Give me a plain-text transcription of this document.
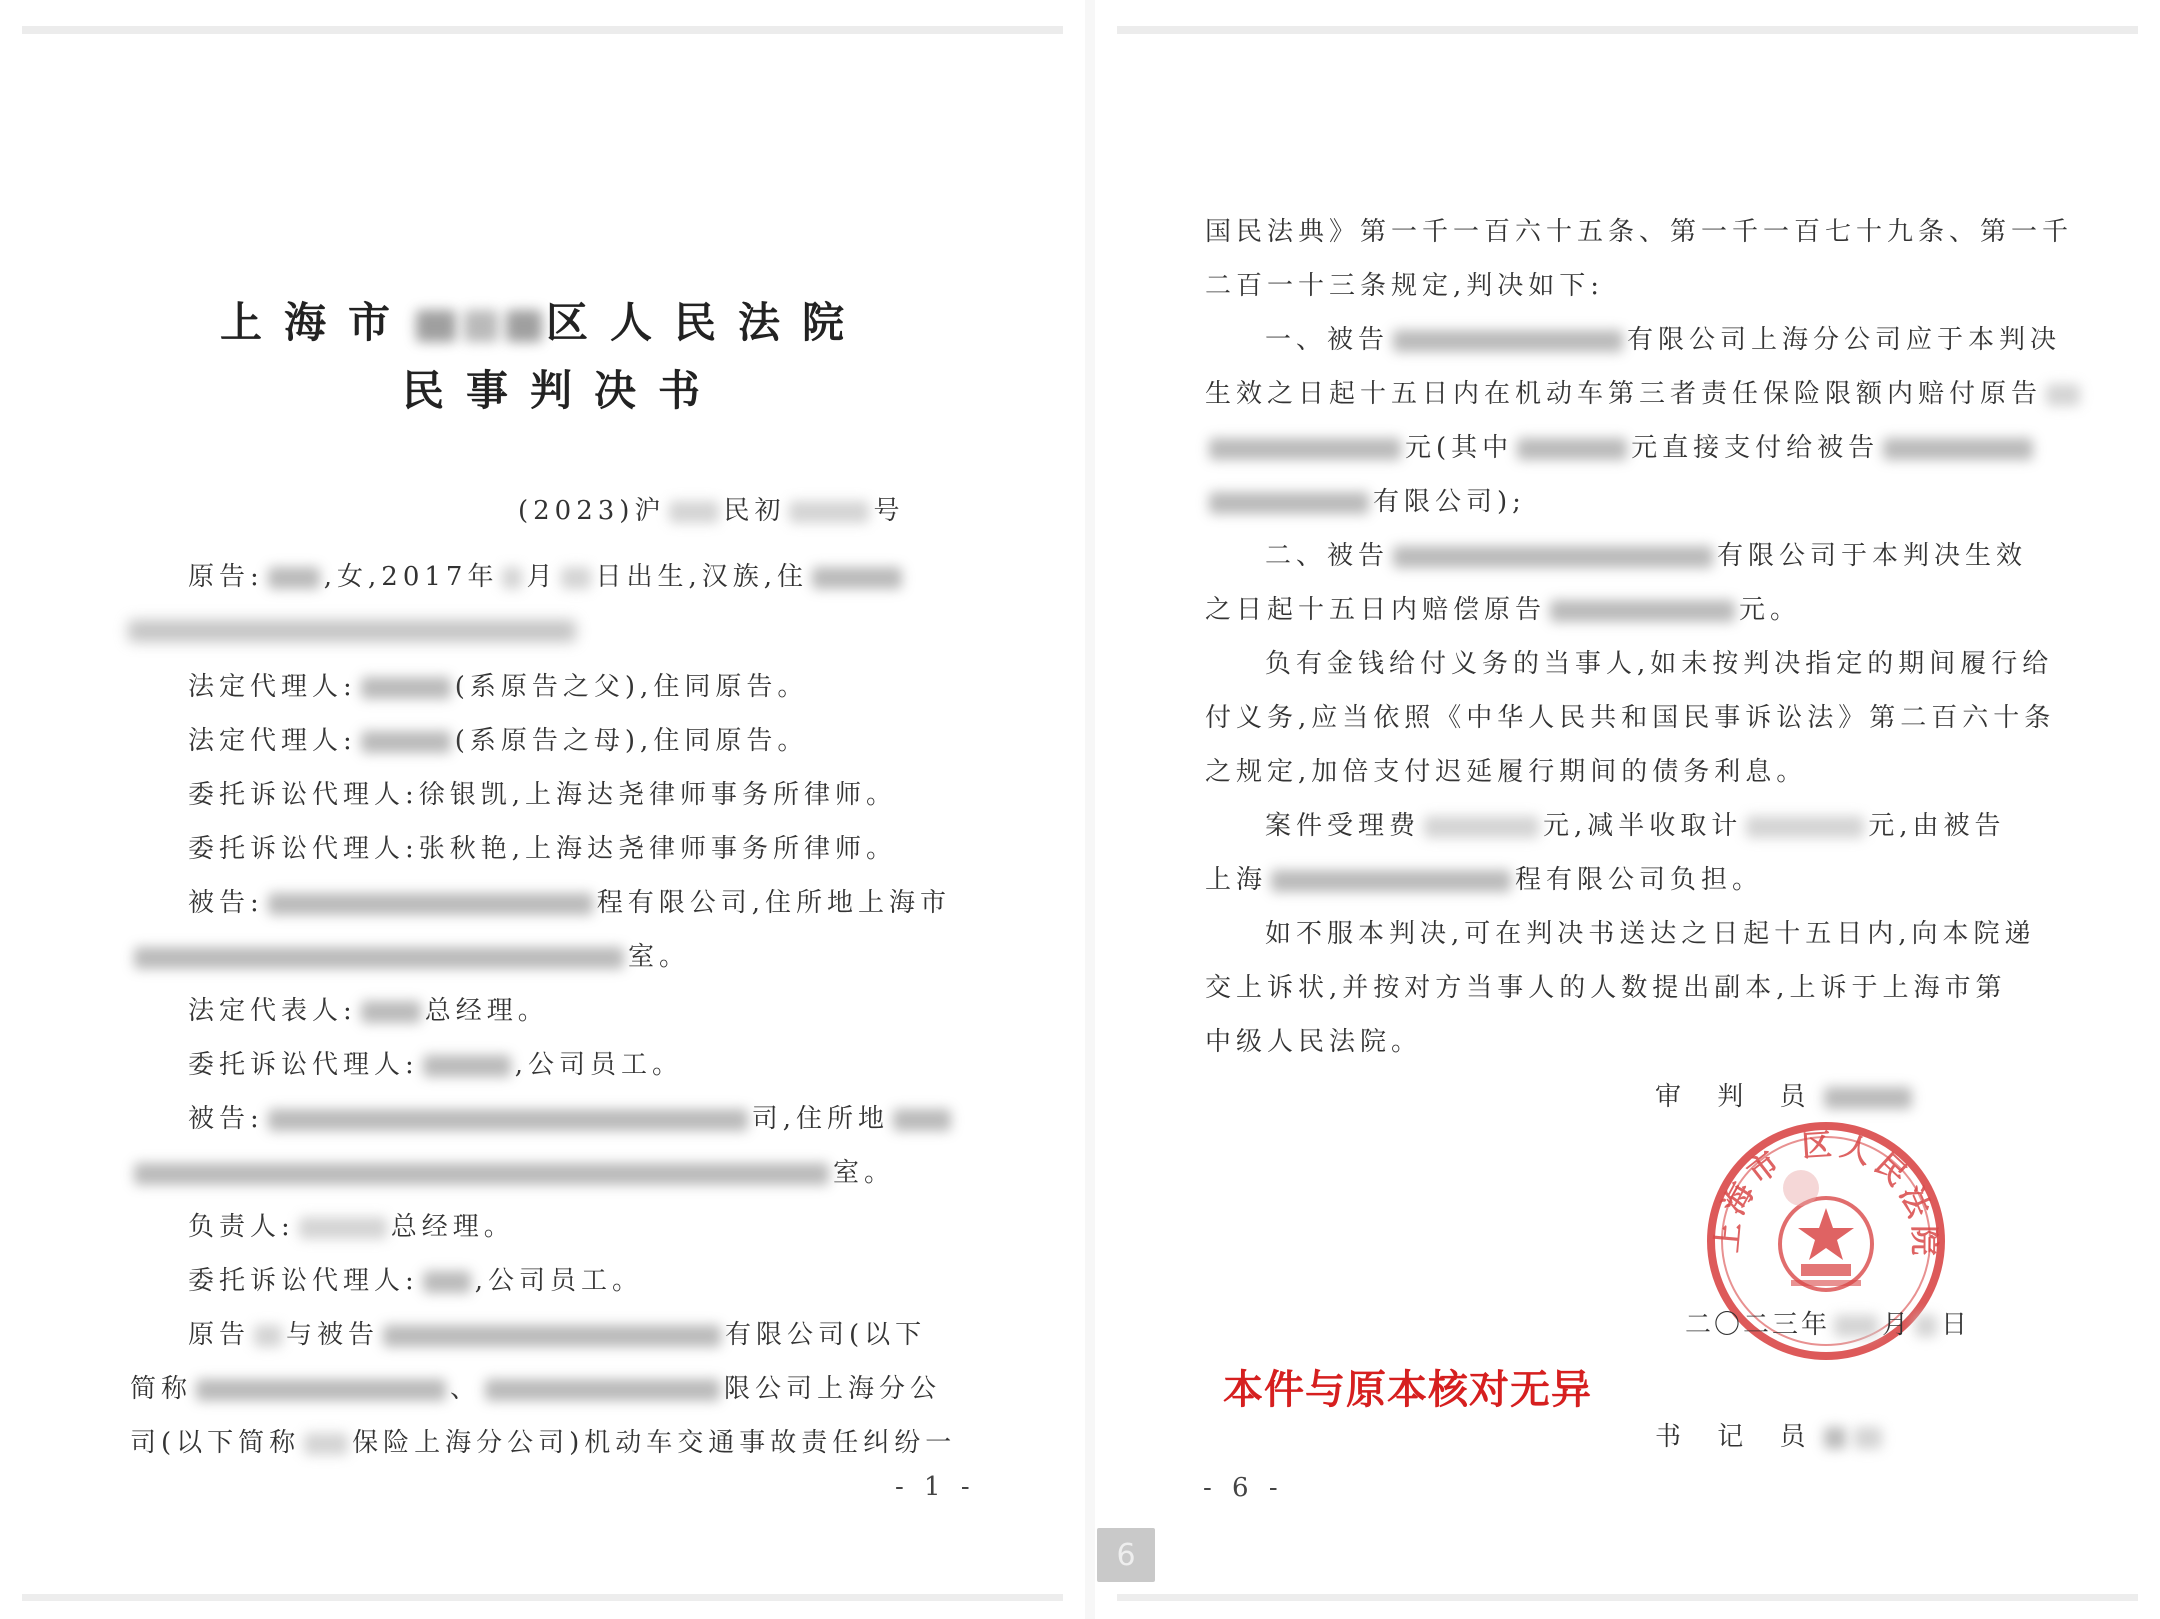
上海市	区人民法院
民事判决书
(2023)沪 民初	号
原告: ,女,2017年 月 日出生,汉族,住
法定代理人:	(系原告之父),住同原告。
法定代理人:	(系原告之母),住同原告。
委托诉讼代理人:徐银凯,上海达尧律师事务所律师。
委托诉讼代理人:张秋艳,上海达尧律师事务所律师。
被告:	程有限公司,住所地上海市
室。
法定代表人:	总经理。
委托诉讼代理人:	,公司员工。
被告:	司,住所地
室。
负责人:	总经理。
委托诉讼代理人: ,公司员工。
原告 与被告	有限公司(以下
简称	、	限公司上海分公
司(以下简称 保险上海分公司)机动车交通事故责任纠纷一
- 1 -
国民法典》第一千一百六十五条、第一千一百七十九条、第一千
二百一十三条规定,判决如下:
一、被告	有限公司上海分公司应于本判决
生效之日起十五日内在机动车第三者责任保险限额内赔付原告
元(其中	元直接支付给被告
有限公司);
二、被告	有限公司于本判决生效
之日起十五日内赔偿原告	元。
负有金钱给付义务的当事人,如未按判决指定的期间履行给
付义务,应当依照《中华人民共和国民事诉讼法》第二百六十条
之规定,加倍支付迟延履行期间的债务利息。
案件受理费	元,减半收取计	元,由被告
上海	程有限公司负担。
如不服本判决,可在判决书送达之日起十五日内,向本院递
交上诉状,并按对方当事人的人数提出副本,上诉于上海市第
中级人民法院。
审 判 员
上海市 区人民法院
二〇二三年 月 日
本件与原本核对无异
书 记 员
- 6 -
6
